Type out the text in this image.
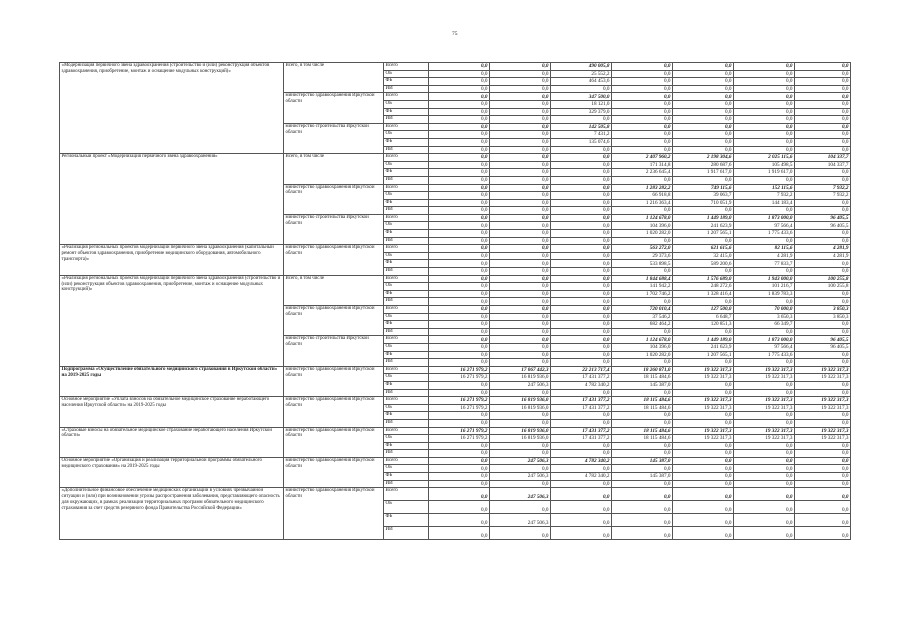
75
«Модернизация первичного звена здравоохранения (строительство и (или) реконструкция объектов здравоохранения, приобретение, монтаж и оснащение модульных конструкций)»	Всего, в том числе	Всего	0,0	0,0	490 005,8	0,0	0,0	0,0	0,0
		ОБ	0,0	0,0	25 552,2	0,0	0,0	0,0	0,0
		ФБ	0,0	0,0	464 453,6	0,0	0,0	0,0	0,0
		ИИ	0,0	0,0	0,0	0,0	0,0	0,0	0,0
	министерство здравоохранения Иркутской области	Всего	0,0	0,0	347 500,0	0,0	0,0	0,0	0,0
		ОБ	0,0	0,0	18 121,0	0,0	0,0	0,0	0,0
		ФБ	0,0	0,0	329 379,0	0,0	0,0	0,0	0,0
		ИИ	0,0	0,0	0,0	0,0	0,0	0,0	0,0
	министерство строительства Иркутской области	Всего	0,0	0,0	142 505,8	0,0	0,0	0,0	0,0
		ОБ	0,0	0,0	7 431,2	0,0	0,0	0,0	0,0
		ФБ	0,0	0,0	135 074,6	0,0	0,0	0,0	0,0
		ИИ	0,0	0,0	0,0	0,0	0,0	0,0	0,0
Региональный проект «Модернизация первичного звена здравоохранения»	Всего, в том числе	Всего	0,0	0,0	0,0	2 407 960,2	2 198 304,6	2 025 115,6	104 337,7
		ОБ	0,0	0,0	0,0	171 314,8	280 687,6	105 498,5	104 337,7
		ФБ	0,0	0,0	0,0	2 236 645,4	1 917 617,0	1 919 617,0	0,0
		ИИ	0,0	0,0	0,0	0,0	0,0	0,0	0,0
	министерство здравоохранения Иркутской области	Всего	0,0	0,0	0,0	1 283 282,2	749 115,6	152 115,6	7 932,2
		ОБ	0,0	0,0	0,0	66 918,8	39 063,7	7 932,2	7 932,2
		ФБ	0,0	0,0	0,0	1 216 363,4	710 051,9	144 183,4	0,0
		ИИ	0,0	0,0	0,0	0,0	0,0	0,0	0,0
	министерство строительства Иркутской области	Всего	0,0	0,0	0,0	1 124 678,0	1 449 189,0	1 873 000,0	96 405,5
		ОБ	0,0	0,0	0,0	104 396,0	241 623,9	97 566,4	96 405,5
		ФБ	0,0	0,0	0,0	1 020 282,0	1 207 565,1	1 775 433,6	0,0
		ИИ	0,0	0,0	0,0	0,0	0,0	0,0	0,0
«Реализация региональных проектов модернизации первичного звена здравоохранения (капитальный ремонт объектов здравоохранения, приобретение медицинского оборудования, автомобильного транспорта)»	министерство здравоохранения Иркутской области	Всего	0,0	0,0	0,0	563 272,0	621 615,6	82 115,6	4 281,9
		ОБ	0,0	0,0	0,0	29 373,6	32 415,0	4 281,9	4 281,9
		ФБ	0,0	0,0	0,0	533 898,5	589 200,6	77 833,7	0,0
		ИИ	0,0	0,0	0,0	0,0	0,0	0,0	0,0
«Реализация региональных проектов модернизации первичного звена здравоохранения (строительство и (или) реконструкция объектов здравоохранения, приобретение, монтаж и оснащение модульных конструкций)»	Всего, в том числе	Всего	0,0	0,0	0,0	1 844 688,4	1 576 689,0	1 943 000,0	100 255,8
		ОБ	0,0	0,0	0,0	141 942,2	248 272,6	101 216,7	100 255,8
		ФБ	0,0	0,0	0,0	1 702 746,2	1 328 416,4	1 839 783,3	0,0
		ИИ	0,0	0,0	0,0	0,0	0,0	0,0	0,0
	министерство здравоохранения Иркутской области	Всего	0,0	0,0	0,0	720 010,4	127 500,0	70 000,0	3 850,3
		ОБ	0,0	0,0	0,0	37 546,2	6 648,7	3 650,3	3 850,3
		ФБ	0,0	0,0	0,0	682 464,2	120 851,3	66 349,7	0,0
		ИИ	0,0	0,0	0,0	0,0	0,0	0,0	0,0
	министерство строительства Иркутской области	Всего	0,0	0,0	0,0	1 124 678,0	1 449 189,0	1 873 000,0	96 405,5
		ОБ	0,0	0,0	0,0	104 396,0	241 623,9	97 566,4	96 405,5
		ФБ	0,0	0,0	0,0	1 020 282,0	1 207 565,1	1 775 433,6	0,0
		ИИ	0,0	0,0	0,0	0,0	0,0	0,0	0,0
Подпрограмма «Осуществление обязательного медицинского страхования в Иркутской области» на 2019-2025 годы	министерство здравоохранения Иркутской области	Всего	16 271 979,2	17 067 442,3	22 213 717,4	18 260 871,0	19 322 317,3	19 322 317,3	19 322 317,3
		ОБ	16 271 979,2	16 819 936,0	17 431 377,2	18 115 484,6	19 322 317,3	19 322 317,3	19 322 317,3
		ФБ	0,0	247 506,3	4 782 340,2	145 387,0	0,0	0,0	0,0
		ИИ	0,0	0,0	0,0	0,0	0,0	0,0	0,0
Основное мероприятие «Уплата взносов на обязательное медицинское страхование неработающего населения Иркутской области» на 2019-2025 годы	министерство здравоохранения Иркутской области	Всего	16 271 979,2	16 819 936,0	17 431 377,2	18 115 484,6	19 322 317,3	19 322 317,3	19 322 317,3
		ОБ	16 271 979,2	16 819 936,0	17 431 377,2	18 115 484,6	19 322 317,3	19 322 317,3	19 322 317,3
		ФБ	0,0	0,0	0,0	0,0	0,0	0,0	0,0
		ИИ	0,0	0,0	0,0	0,0	0,0	0,0	0,0
«Страховые взносы на обязательное медицинское страхование неработающего населения Иркутской области»	министерство здравоохранения Иркутской области	Всего	16 271 979,2	16 819 936,0	17 431 377,2	18 115 484,6	19 322 317,3	19 322 317,3	19 322 317,3
		ОБ	16 271 979,2	16 819 936,0	17 431 377,2	18 115 484,6	19 322 317,3	19 322 317,3	19 322 317,3
		ФБ	0,0	0,0	0,0	0,0	0,0	0,0	0,0
		ИИ	0,0	0,0	0,0	0,0	0,0	0,0	0,0
Основное мероприятие «Организация и реализация территориальной программы обязательного медицинского страхования» на 2019-2025 годы	министерство здравоохранения Иркутской области	Всего	0,0	247 506,3	4 782 340,2	145 387,0	0,0	0,0	0,0
		ОБ	0,0	0,0	0,0	0,0	0,0	0,0	0,0
		ФБ	0,0	247 506,3	4 782 340,2	145 387,0	0,0	0,0	0,0
		ИИ	0,0	0,0	0,0	0,0	0,0	0,0	0,0
«Дополнительное финансовое обеспечение медицинских организаций в условиях чрезвычайной ситуации и (или) при возникновении угрозы распространения заболевания, представляющего опасность для окружающих, в рамках реализации территориальных программ обязательного медицинского страхования за счет средств резервного фонда Правительства Российской Федерации»	министерство здравоохранения Иркутской области	Всего	0,0	247 506,3	0,0	0,0	0,0	0,0	0,0
		ОБ	0,0	0,0	0,0	0,0	0,0	0,0	0,0
		ФБ	0,0	247 506,3	0,0	0,0	0,0	0,0	0,0
		ИИ	0,0	0,0	0,0	0,0	0,0	0,0	0,0
